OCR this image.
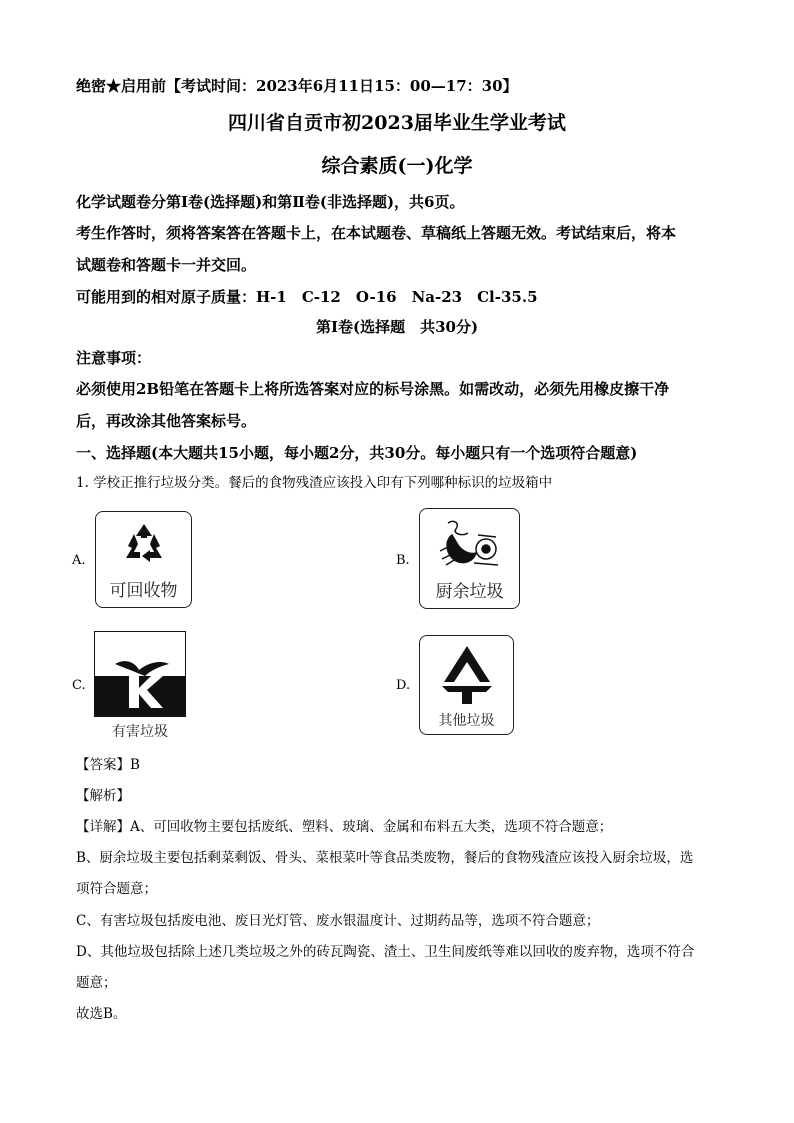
绝密★启用前【考试时间：2023年6月11日15：00—17：30】
四川省自贡市初2023届毕业生学业考试
综合素质(一)化学
化学试题卷分第Ⅰ卷(选择题)和第Ⅱ卷(非选择题)，共6页。
考生作答时，须将答案答在答题卡上，在本试题卷、草稿纸上答题无效。考试结束后，将本
试题卷和答题卡一并交回。
可能用到的相对原子质量：H-1　C-12　O-16　Na-23　Cl-35.5
第Ⅰ卷(选择题　共30分)
注意事项：
必须使用2B铅笔在答题卡上将所选答案对应的标号涂黑。如需改动，必须先用橡皮擦干净
后，再改涂其他答案标号。
一、选择题(本大题共15小题，每小题2分，共30分。每小题只有一个选项符合题意)
1. 学校正推行垃圾分类。餐后的食物残渣应该投入印有下列哪种标识的垃圾箱中
A.
可回收物
B.
厨余垃圾
C.
有害垃圾
D.
其他垃圾
【答案】B
【解析】
【详解】A、可回收物主要包括废纸、塑料、玻璃、金属和布料五大类，选项不符合题意；
B、厨余垃圾主要包括剩菜剩饭、骨头、菜根菜叶等食品类废物，餐后的食物残渣应该投入厨余垃圾，选
项符合题意；
C、有害垃圾包括废电池、废日光灯管、废水银温度计、过期药品等，选项不符合题意；
D、其他垃圾包括除上述几类垃圾之外的砖瓦陶瓷、渣土、卫生间废纸等难以回收的废弃物，选项不符合
题意；
故选B。
